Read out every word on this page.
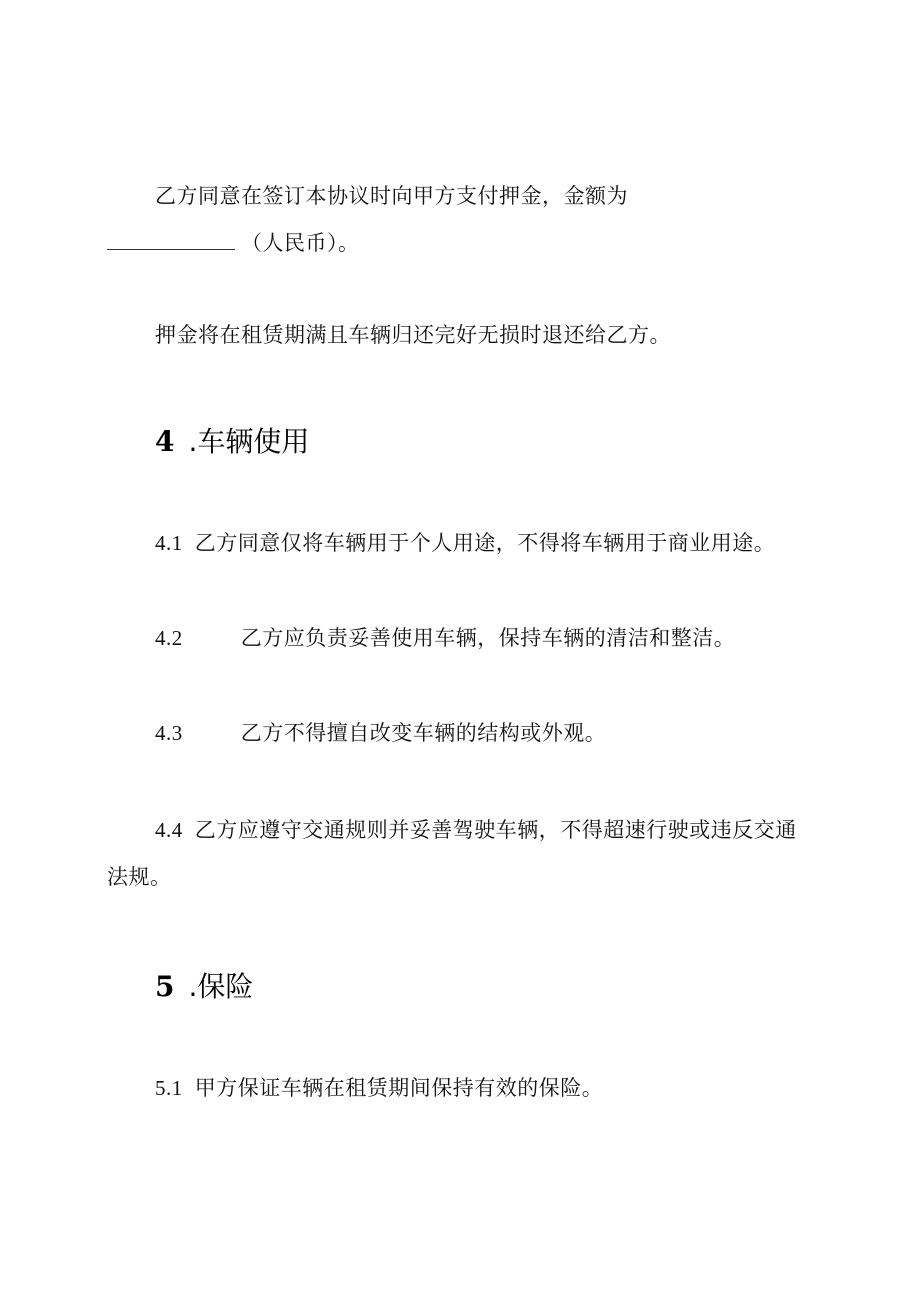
乙方同意在签订本协议时向甲方支付押金，金额为
（人民币）。
押金将在租赁期满且车辆归还完好无损时退还给乙方。
4 .车辆使用
4.1 乙方同意仅将车辆用于个人用途，不得将车辆用于商业用途。
4.2	乙方应负责妥善使用车辆，保持车辆的清洁和整洁。
4.3	乙方不得擅自改变车辆的结构或外观。
4.4 乙方应遵守交通规则并妥善驾驶车辆，不得超速行驶或违反交通
法规。
5 .保险
5.1 甲方保证车辆在租赁期间保持有效的保险。
